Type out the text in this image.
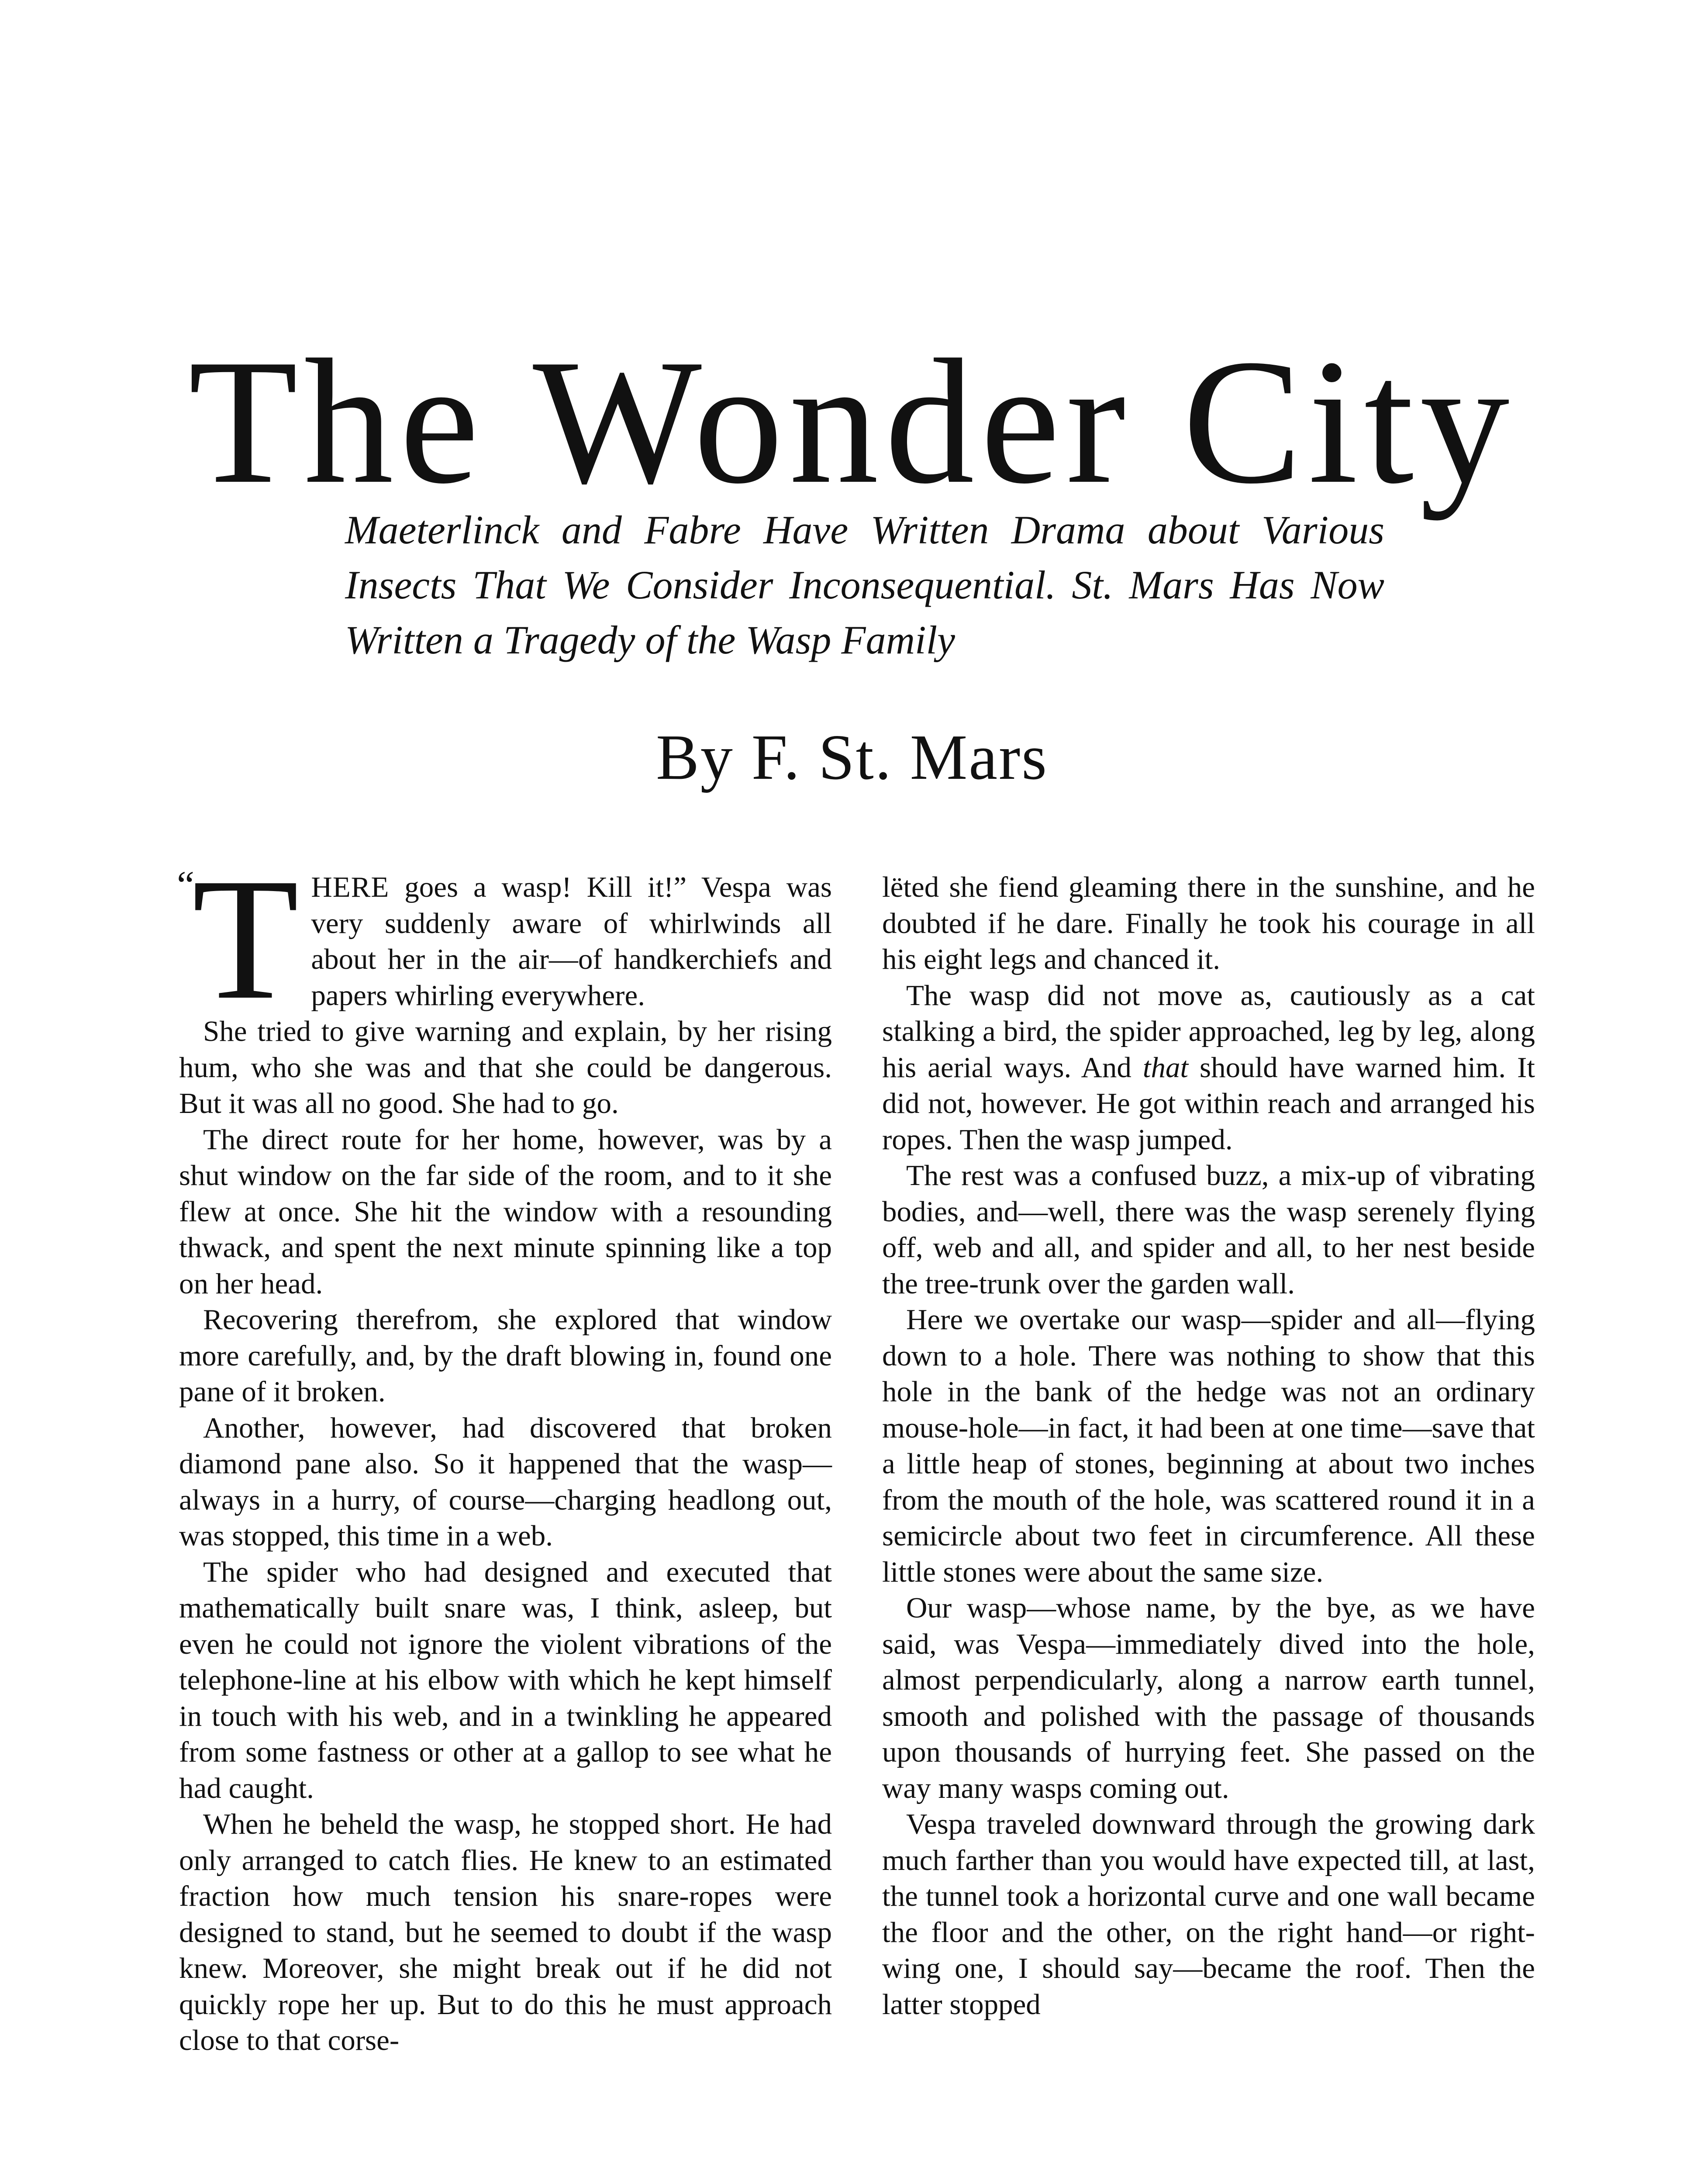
The Wonder City

Maeterlinck and Fabre Have Written Drama about Various Insects That We Consider Inconsequential. St. Mars Has Now Written a Tragedy of the Wasp Family

By F. St. Mars

“

THERE goes a wasp! Kill it!” Vespa was very suddenly aware of whirlwinds all about her in the air—of handkerchiefs and papers whirling everywhere.

She tried to give warning and explain, by her rising hum, who she was and that she could be dangerous. But it was all no good. She had to go.

The direct route for her home, however, was by a shut window on the far side of the room, and to it she flew at once. She hit the window with a resounding thwack, and spent the next minute spinning like a top on her head.

Recovering therefrom, she explored that window more carefully, and, by the draft blowing in, found one pane of it broken.

Another, however, had discovered that broken diamond pane also. So it happened that the wasp—always in a hurry, of course—charging headlong out, was stopped, this time in a web.

The spider who had designed and executed that mathematically built snare was, I think, asleep, but even he could not ignore the violent vibrations of the telephone-line at his elbow with which he kept himself in touch with his web, and in a twinkling he appeared from some fastness or other at a gallop to see what he had caught.

When he beheld the wasp, he stopped short. He had only arranged to catch flies. He knew to an estimated fraction how much tension his snare-ropes were designed to stand, but he seemed to doubt if the wasp knew. Moreover, she might break out if he did not quickly rope her up. But to do this he must approach close to that corse-

lëted she fiend gleaming there in the sunshine, and he doubted if he dare. Finally he took his courage in all his eight legs and chanced it.

The wasp did not move as, cautiously as a cat stalking a bird, the spider approached, leg by leg, along his aerial ways. And that should have warned him. It did not, however. He got within reach and arranged his ropes. Then the wasp jumped.

The rest was a confused buzz, a mix-up of vibrating bodies, and—well, there was the wasp serenely flying off, web and all, and spider and all, to her nest beside the tree-trunk over the garden wall.

Here we overtake our wasp—spider and all—flying down to a hole. There was nothing to show that this hole in the bank of the hedge was not an ordinary mouse-hole—in fact, it had been at one time—save that a little heap of stones, beginning at about two inches from the mouth of the hole, was scattered round it in a semicircle about two feet in circumference. All these little stones were about the same size.

Our wasp—whose name, by the bye, as we have said, was Vespa—immediately dived into the hole, almost perpendicularly, along a narrow earth tunnel, smooth and polished with the passage of thousands upon thousands of hurrying feet. She passed on the way many wasps coming out.

Vespa traveled downward through the growing dark much farther than you would have expected till, at last, the tunnel took a horizontal curve and one wall became the floor and the other, on the right hand—or right-wing one, I should say—became the roof. Then the latter stopped
